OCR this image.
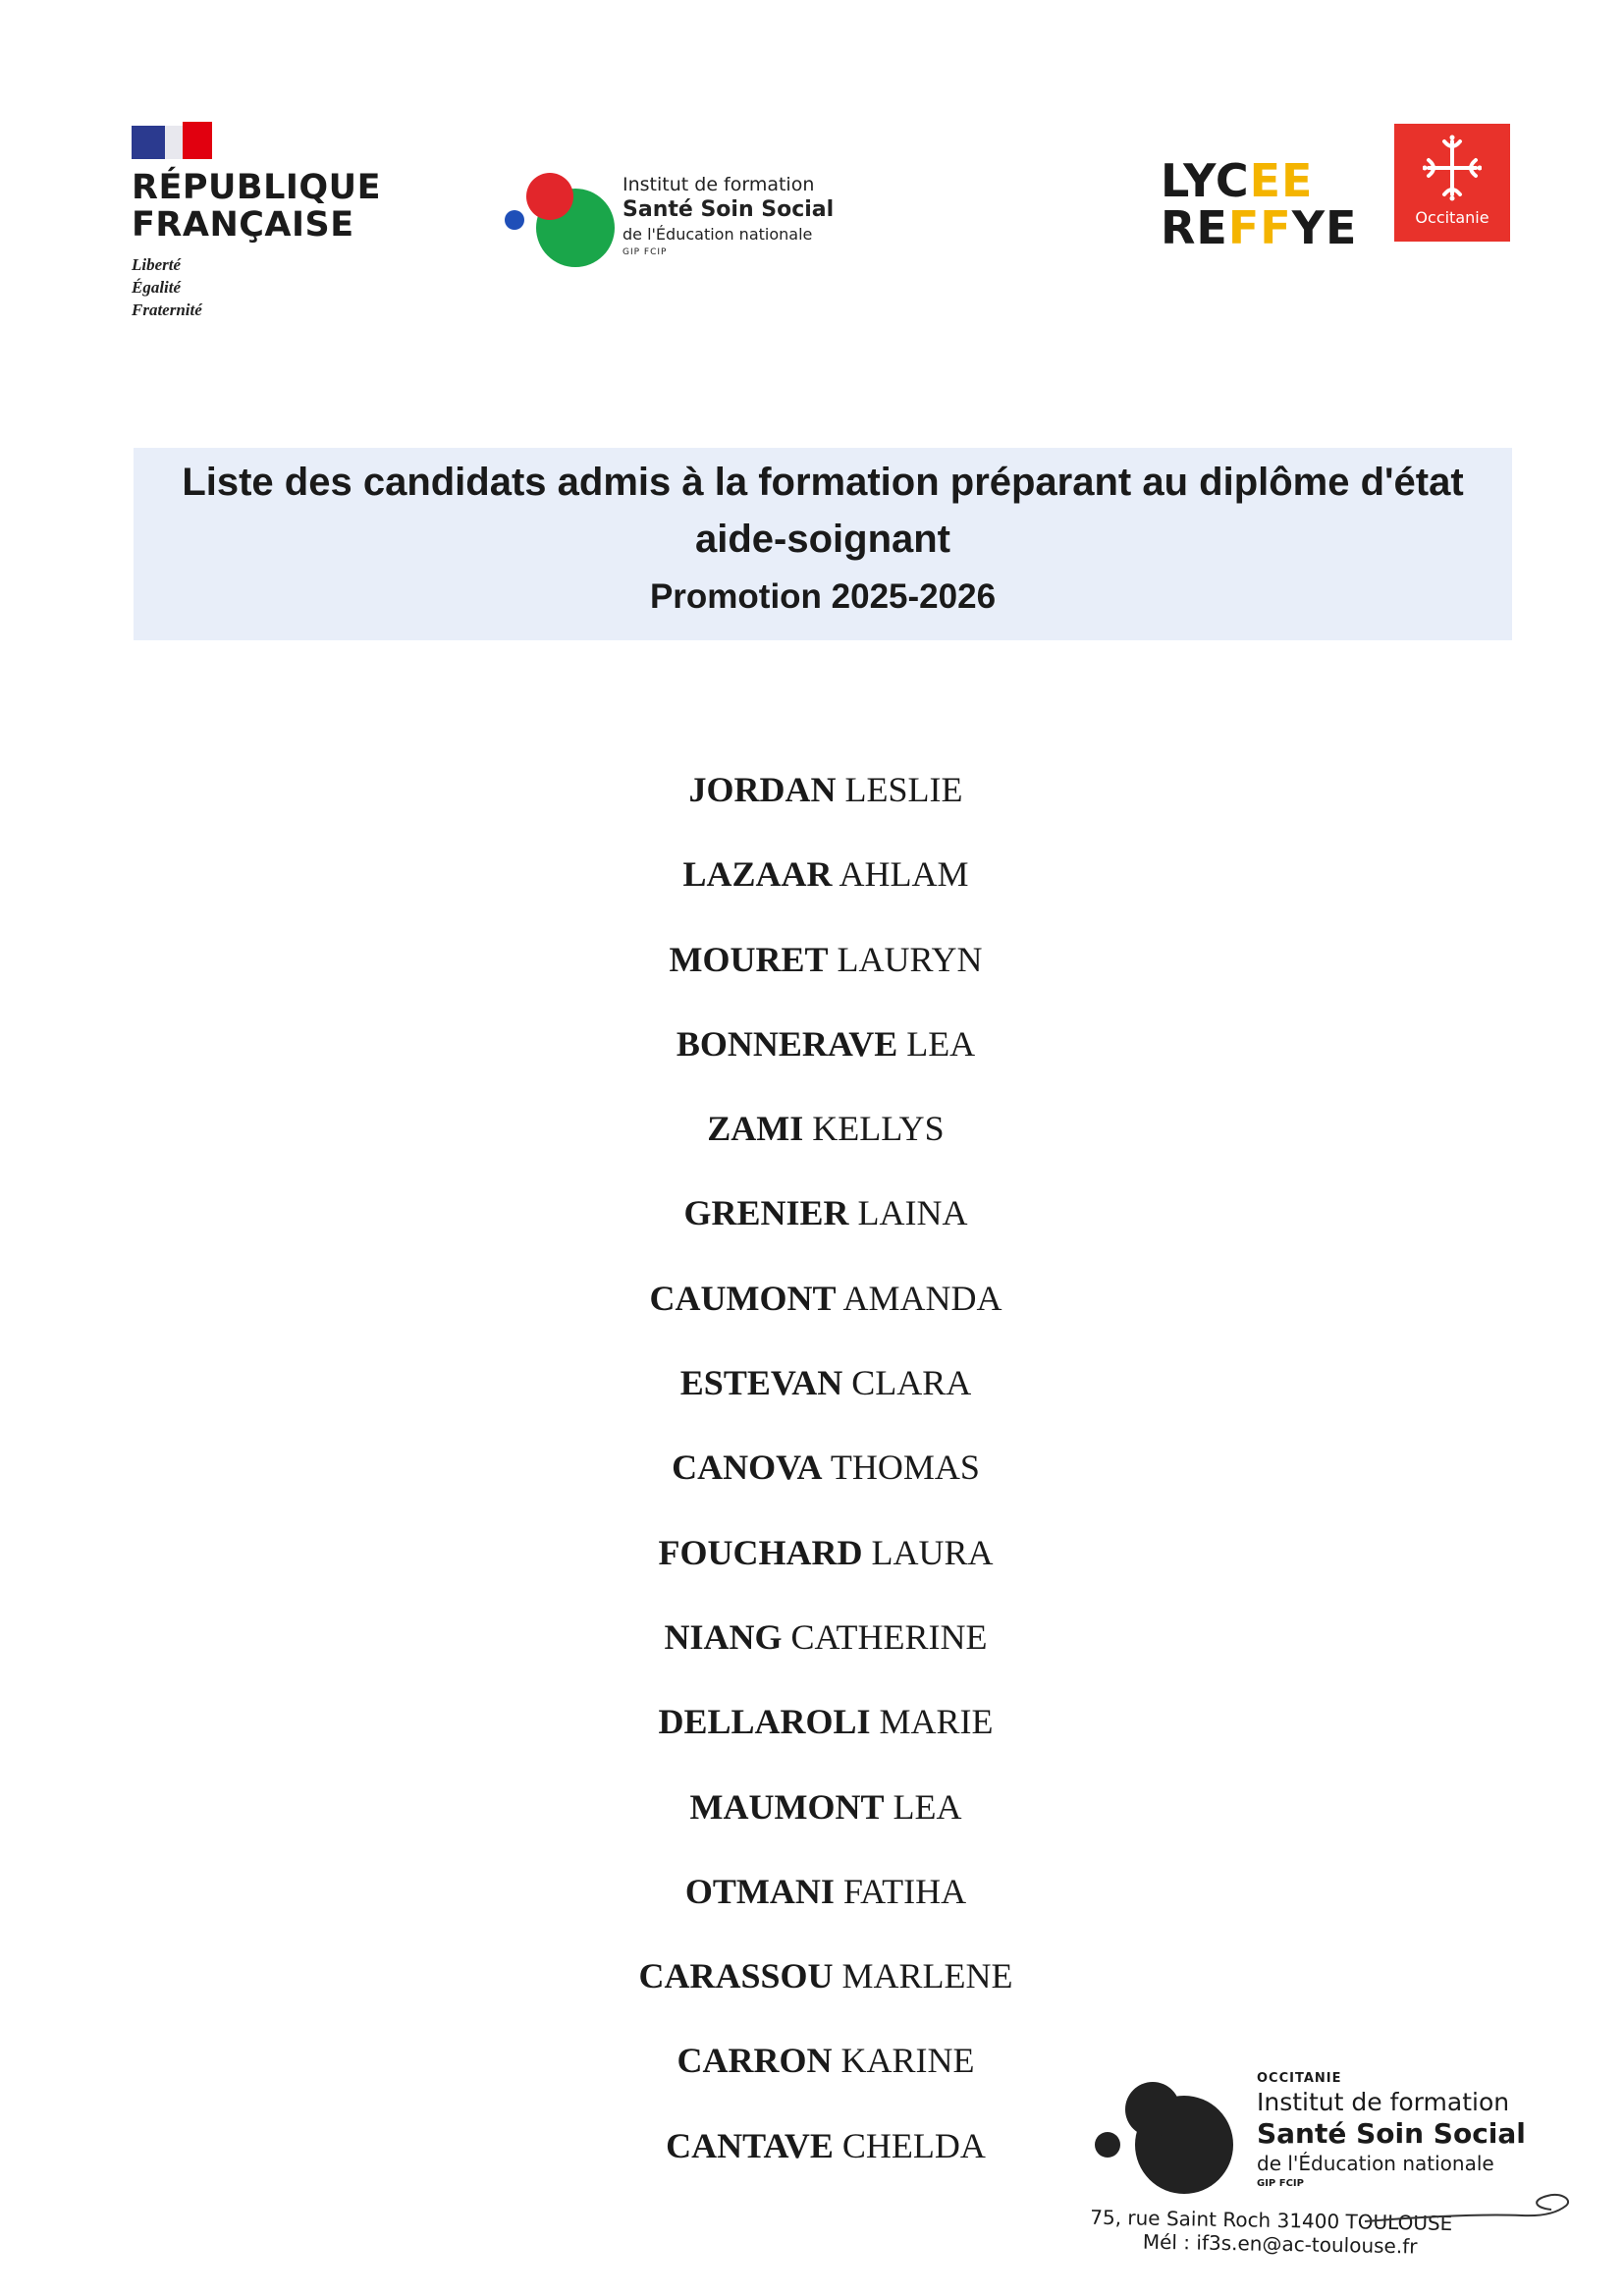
RÉPUBLIQUE
FRANÇAISE
Liberté
Égalité
Fraternité
Institut de formation
Santé Soin Social
de l'Éducation nationale
GIP FCIP
LYCEE
REFFYE	Occitanie
Liste des candidats admis à la formation préparant au diplôme d'état
aide-soignant
Promotion 2025-2026
JORDAN LESLIE
LAZAAR AHLAM
MOURET LAURYN
BONNERAVE LEA
ZAMI KELLYS
GRENIER LAINA
CAUMONT AMANDA
ESTEVAN CLARA
CANOVA THOMAS
FOUCHARD LAURA
NIANG CATHERINE
DELLAROLI MARIE
MAUMONT LEA
OTMANI FATIHA
CARASSOU MARLENE
CARRON KARINE
CANTAVE CHELDA
OCCITANIE
Institut de formation
Santé Soin Social
de l'Éducation nationale
GIP FCIP
75, rue Saint Roch 31400 TOULOUSE
Mél : if3s.en@ac-toulouse.fr
